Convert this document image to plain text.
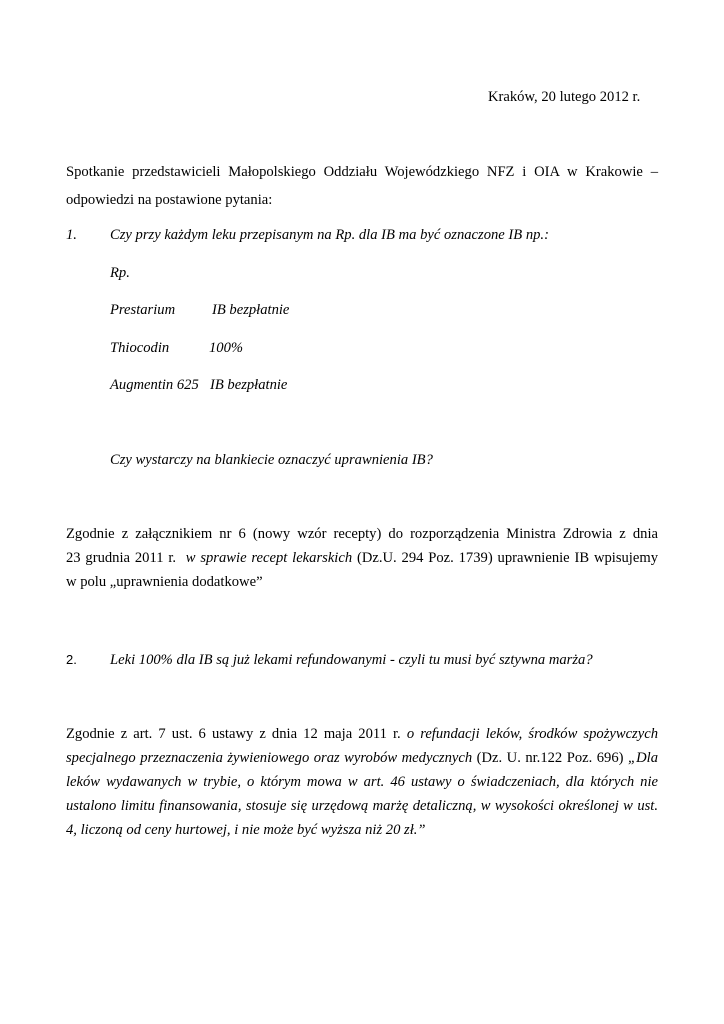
Kraków, 20 lutego 2012 r.
Spotkanie przedstawicieli Małopolskiego Oddziału Wojewódzkiego NFZ i OIA w Krakowie –
odpowiedzi na postawione pytania:
1. Czy przy każdym leku przepisanym na Rp. dla IB ma być oznaczone IB np.:
Rp.
Prestarium	IB bezpłatnie
Thiocodin	100%
Augmentin 625 IB bezpłatnie
Czy wystarczy na blankiecie oznaczyć uprawnienia IB?
Zgodnie z załącznikiem nr 6 (nowy wzór recepty) do rozporządzenia Ministra Zdrowia z dnia
23 grudnia 2011 r. w sprawie recept lekarskich (Dz.U. 294 Poz. 1739) uprawnienie IB wpisujemy
w polu „uprawnienia dodatkowe”
2. Leki 100% dla IB są już lekami refundowanymi - czyli tu musi być sztywna marża?
Zgodnie z art. 7 ust. 6 ustawy z dnia 12 maja 2011 r. o refundacji leków, środków spożywczych
specjalnego przeznaczenia żywieniowego oraz wyrobów medycznych (Dz. U. nr.122 Poz. 696) „Dla
leków wydawanych w trybie, o którym mowa w art. 46 ustawy o świadczeniach, dla których nie
ustalono limitu finansowania, stosuje się urzędową marżę detaliczną, w wysokości określonej w ust.
4, liczoną od ceny hurtowej, i nie może być wyższa niż 20 zł.”
